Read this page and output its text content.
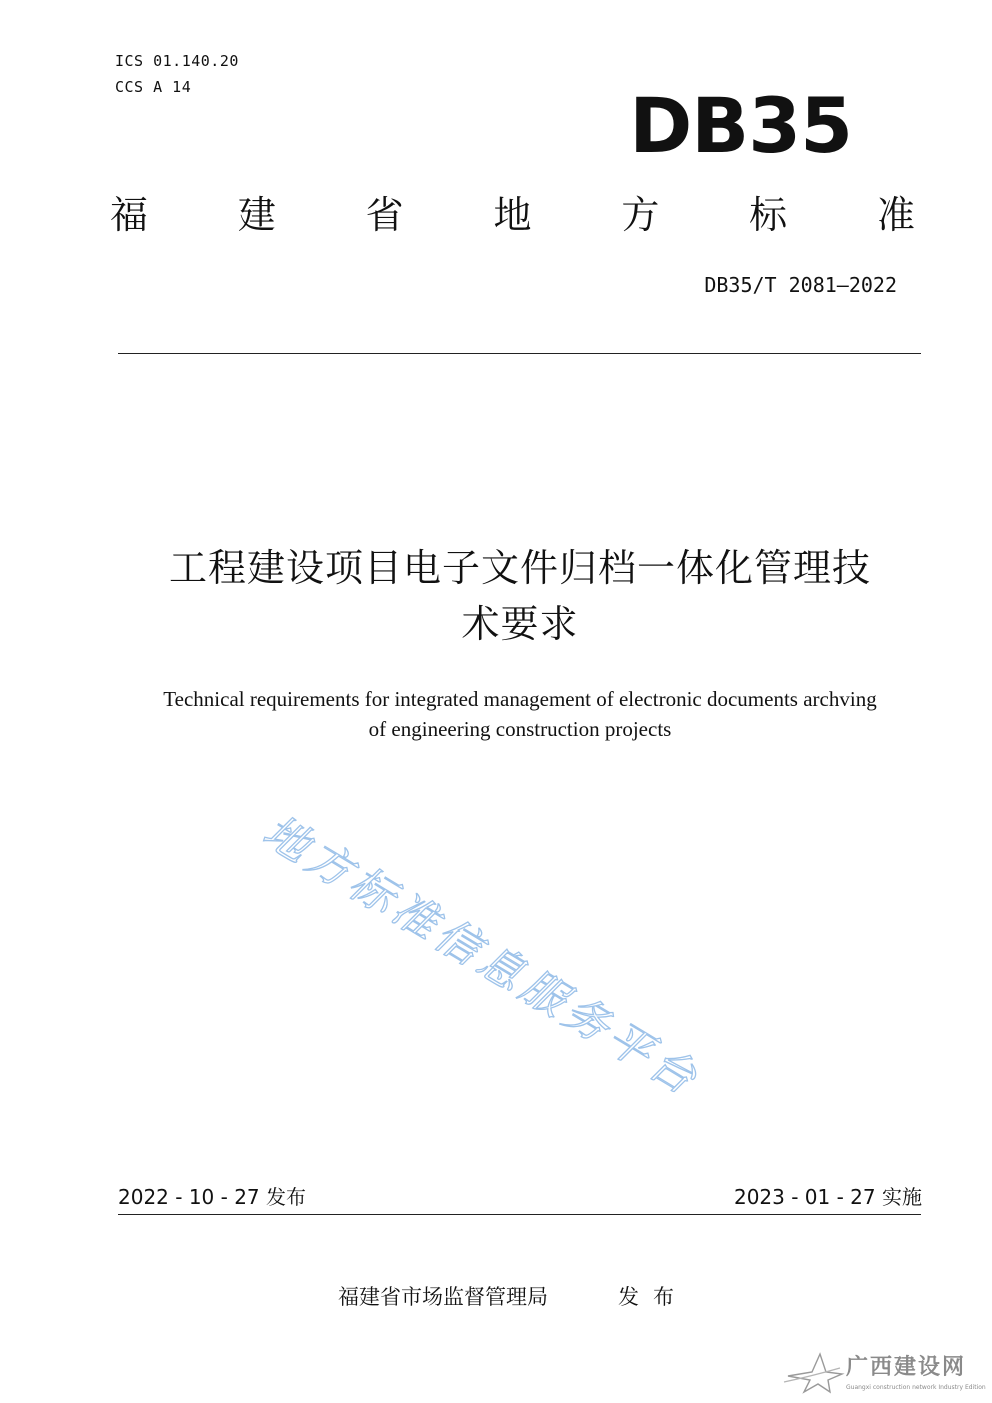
ICS 01.140.20
CCS A 14	DB35
福 建 省 地 方 标 准
DB35/T 2081—2022
工程建设项目电子文件归档一体化管理技
术要求
Technical requirements for integrated management of electronic documents archving
of engineering construction projects
地方标准信息服务平台
2022 - 10 - 27 发布	2023 - 01 - 27 实施
福建省市场监督管理局	发布
广西建设网
Guangxi construction network Industry Edition
